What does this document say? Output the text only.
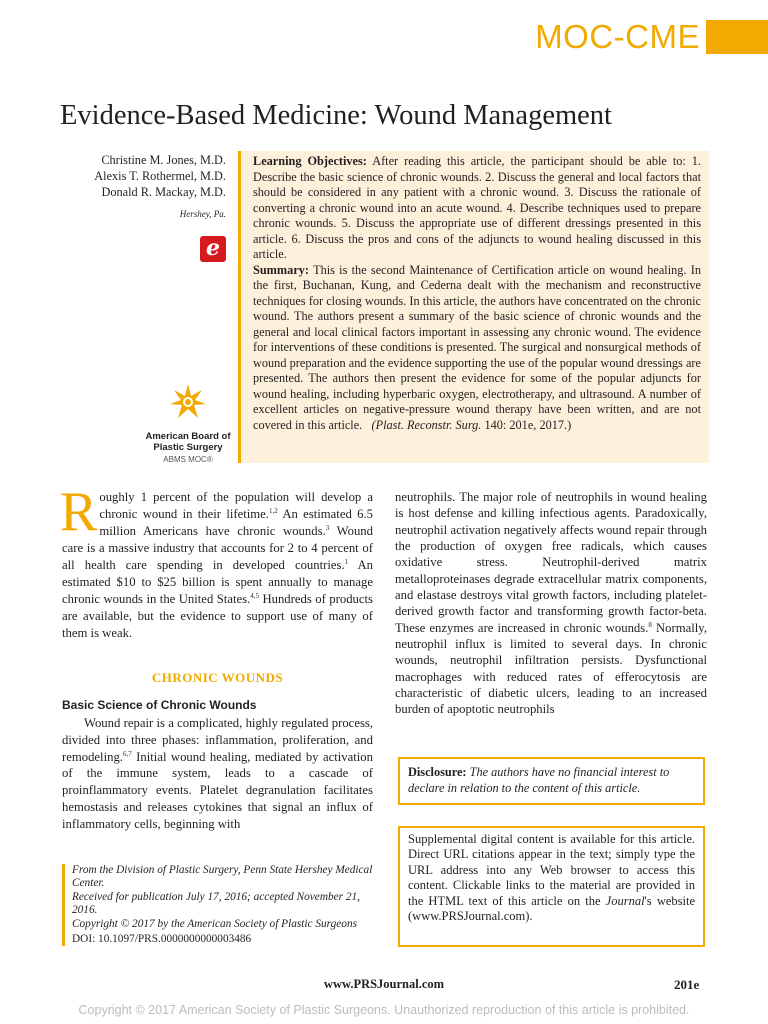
MOC-CME
Evidence-Based Medicine: Wound Management
Christine M. Jones, M.D.
Alexis T. Rothermel, M.D.
Donald R. Mackay, M.D.
Hershey, Pa.
e
American Board of
Plastic Surgery
ABMS MOC®
Learning Objectives: After reading this article, the participant should be able to: 1. Describe the basic science of chronic wounds. 2. Discuss the general and local factors that should be considered in any patient with a chronic wound. 3. Discuss the rationale of converting a chronic wound into an acute wound. 4. Describe techniques used to prepare chronic wounds. 5. Discuss the appropriate use of different dressings presented in this article. 6. Discuss the pros and cons of the adjuncts to wound healing discussed in this article.
Summary: This is the second Maintenance of Certification article on wound healing. In the first, Buchanan, Kung, and Cederna dealt with the mechanism and reconstructive techniques for closing wounds. In this article, the authors have concentrated on the chronic wound. The authors present a summary of the basic science of chronic wounds and the general and local clinical factors important in assessing any chronic wound. The evidence for interventions of these conditions is presented. The surgical and nonsurgical methods of wound preparation and the evidence supporting the use of the popular wound dressings are presented. The authors then present the evidence for some of the popular adjuncts for wound healing, including hyperbaric oxygen, electrotherapy, and ultrasound. A number of excellent articles on negative-pressure wound therapy have been written, and are not covered in this article. (Plast. Reconstr. Surg. 140: 201e, 2017.)
Roughly 1 percent of the population will develop a chronic wound in their lifetime.$^{1,2}$ An estimated 6.5 million Americans have chronic wounds.$^3$ Wound care is a massive industry that accounts for 2 to 4 percent of all health care spending in developed countries.$^1$ An estimated $10 to $25 billion is spent annually to manage chronic wounds in the United States.$^{4,5}$ Hundreds of products are available, but the evidence to support use of many of them is weak.
CHRONIC WOUNDS
Basic Science of Chronic Wounds
Wound repair is a complicated, highly regulated process, divided into three phases: inflammation, proliferation, and remodeling.$^{6,7}$ Initial wound healing, mediated by activation of the immune system, leads to a cascade of proinflammatory events. Platelet degranulation facilitates hemostasis and releases cytokines that signal an influx of inflammatory cells, beginning with
From the Division of Plastic Surgery, Penn State Hershey Medical Center.
Received for publication July 17, 2016; accepted November 21, 2016.
Copyright © 2017 by the American Society of Plastic Surgeons
DOI: 10.1097/PRS.0000000000003486
neutrophils. The major role of neutrophils in wound healing is host defense and killing infectious agents. Paradoxically, neutrophil activation negatively affects wound repair through the production of oxygen free radicals, which causes oxidative stress. Neutrophil-derived matrix metalloproteinases degrade extracellular matrix components, and elastase destroys vital growth factors, including platelet-derived growth factor and transforming growth factor-beta. These enzymes are increased in chronic wounds.$^8$ Normally, neutrophil influx is limited to several days. In chronic wounds, neutrophil infiltration persists. Dysfunctional macrophages with reduced rates of efferocytosis are characteristic of diabetic ulcers, leading to an increased burden of apoptotic neutrophils
Disclosure: The authors have no financial interest to declare in relation to the content of this article.
Supplemental digital content is available for this article. Direct URL citations appear in the text; simply type the URL address into any Web browser to access this content. Clickable links to the material are provided in the HTML text of this article on the Journal's website (www.PRSJournal.com).
www.PRSJournal.com	201e
Copyright © 2017 American Society of Plastic Surgeons. Unauthorized reproduction of this article is prohibited.
